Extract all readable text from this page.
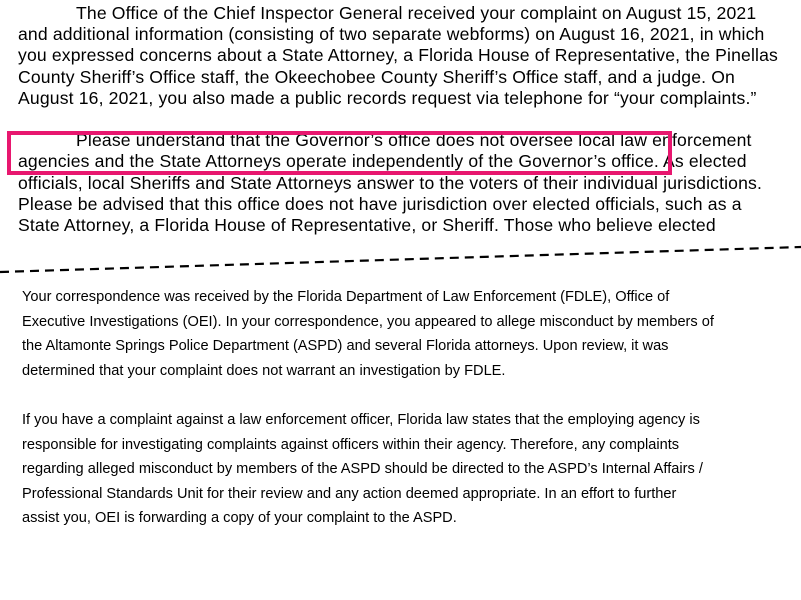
The Office of the Chief Inspector General received your complaint on August 15, 2021
and additional information (consisting of two separate webforms) on August 16, 2021, in which
you expressed concerns about a State Attorney, a Florida House of Representative, the Pinellas
County Sheriff’s Office staff, the Okeechobee County Sheriff’s Office staff, and a judge. On
August 16, 2021, you also made a public records request via telephone for “your complaints.”

Please understand that the Governor’s office does not oversee local law enforcement
agencies and the State Attorneys operate independently of the Governor’s office. As elected
officials, local Sheriffs and State Attorneys answer to the voters of their individual jurisdictions.
Please be advised that this office does not have jurisdiction over elected officials, such as a
State Attorney, a Florida House of Representative, or Sheriff. Those who believe elected

Your correspondence was received by the Florida Department of Law Enforcement (FDLE), Office of
Executive Investigations (OEI). In your correspondence, you appeared to allege misconduct by members of
the Altamonte Springs Police Department (ASPD) and several Florida attorneys. Upon review, it was
determined that your complaint does not warrant an investigation by FDLE.

If you have a complaint against a law enforcement officer, Florida law states that the employing agency is
responsible for investigating complaints against officers within their agency. Therefore, any complaints
regarding alleged misconduct by members of the ASPD should be directed to the ASPD’s Internal Affairs /
Professional Standards Unit for their review and any action deemed appropriate. In an effort to further
assist you, OEI is forwarding a copy of your complaint to the ASPD.
